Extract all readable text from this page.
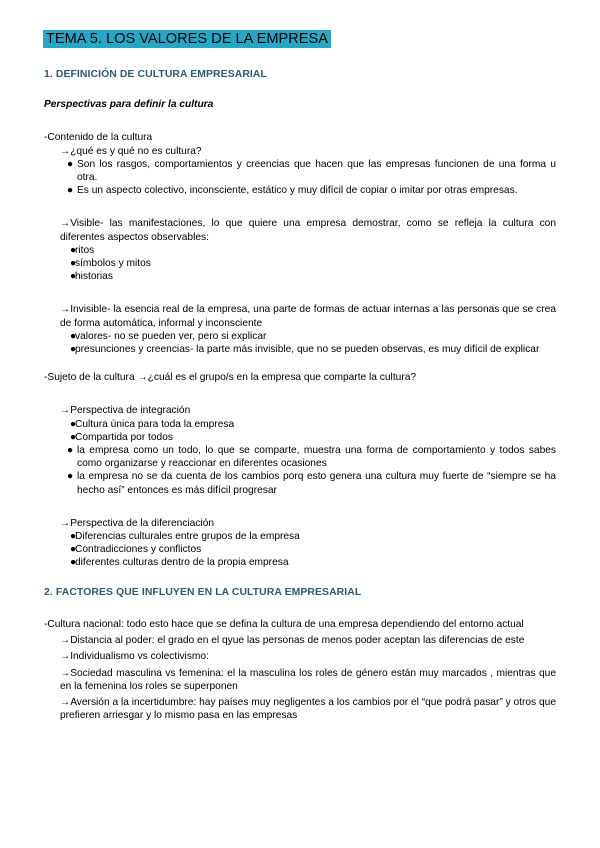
TEMA 5. LOS VALORES DE LA EMPRESA
1. DEFINICIÓN DE CULTURA EMPRESARIAL
Perspectivas para definir la cultura
-Contenido de la cultura
→¿qué es y qué no es cultura?
● Son los rasgos, comportamientos y creencias que hacen que las empresas funcionen de una forma u otra.
● Es un aspecto colectivo, inconsciente, estático y muy difícil de copiar o imitar por otras empresas.
→Visible- las manifestaciones, lo que quiere una empresa demostrar, como se refleja la cultura con diferentes aspectos observables:
●
ritos
●
símbolos y mitos
●
historias
→Invisible- la esencia real de la empresa, una parte de formas de actuar internas a las personas que se crea de forma automática, informal y inconsciente
●
valores- no se pueden ver, pero si explicar
●
presunciones y creencias- la parte más invisible, que no se pueden observas, es muy difícil de explicar
-Sujeto de la cultura →¿cuál es el grupo/s en la empresa que comparte la cultura?
→Perspectiva de integración
●
Cultura única para toda la empresa
●
Compartida por todos
● la empresa como un todo, lo que se comparte, muestra una forma de comportamiento y todos sabes como organizarse y reaccionar en diferentes ocasiones
● la empresa no se da cuenta de los cambios porq esto genera una cultura muy fuerte de “siempre se ha hecho así” entonces es más difícil progresar
→Perspectiva de la diferenciación
●
Diferencias culturales entre grupos de la empresa
●
Contradicciones y conflictos
●
diferentes culturas dentro de la propia empresa
2. FACTORES QUE INFLUYEN EN LA CULTURA EMPRESARIAL
-Cultura nacional: todo esto hace que se defina la cultura de una empresa dependiendo del entorno actual
→Distancia al poder: el grado en el qyue las personas de menos poder aceptan las diferencias de este
→Individualismo vs colectivismo:
→Sociedad masculina vs femenina: el la masculina los roles de género están muy marcados , mientras que en la femenina los roles se superponen
→Aversión a la incertidumbre: hay países muy negligentes a los cambios por el “que podrá pasar” y otros que prefieren arriesgar y lo mismo pasa en las empresas
